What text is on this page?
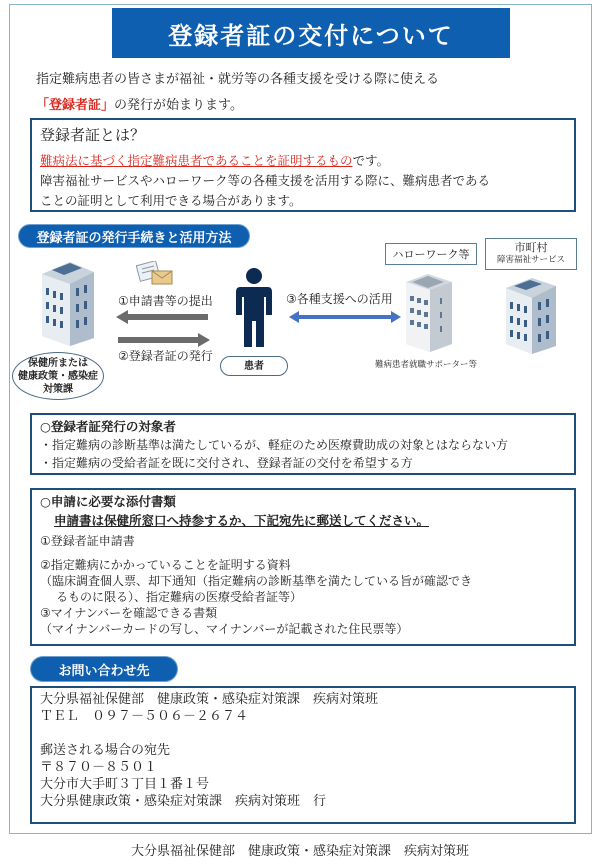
登録者証の交付について
指定難病患者の皆さまが福祉・就労等の各種支援を受ける際に使える
「登録者証」の発行が始まります。
登録者証とは？
難病法に基づく指定難病患者であることを証明するものです。
障害福祉サービスやハローワーク等の各種支援を活用する際に、難病患者である
ことの証明として利用できる場合があります。
登録者証の発行手続きと活用方法
①申請書等の提出
②登録者証の発行
保健所または
健康政策・感染症
対策課
患者
③各種支援への活用
ハローワーク等	市町村
障害福祉サービス
難病患者就職サポーター等
○登録者証発行の対象者
・指定難病の診断基準は満たしているが、軽症のため医療費助成の対象とはならない方
・指定難病の受給者証を既に交付され、登録者証の交付を希望する方
○申請に必要な添付書類
申請書は保健所窓口へ持参するか、下記宛先に郵送してください。
①登録者証申請書
②指定難病にかかっていることを証明する資料
（臨床調査個人票、却下通知（指定難病の診断基準を満たしている旨が確認でき
るものに限る）、指定難病の医療受給者証等）
③マイナンバーを確認できる書類
（マイナンバーカードの写し、マイナンバーが記載された住民票等）
お問い合わせ先
大分県福祉保健部　健康政策・感染症対策課　疾病対策班
ＴＥＬ　０９７－５０６－２６７４
郵送される場合の宛先
〒８７０－８５０１
大分市大手町３丁目１番１号
大分県健康政策・感染症対策課　疾病対策班　行
大分県福祉保健部　健康政策・感染症対策課　疾病対策班
